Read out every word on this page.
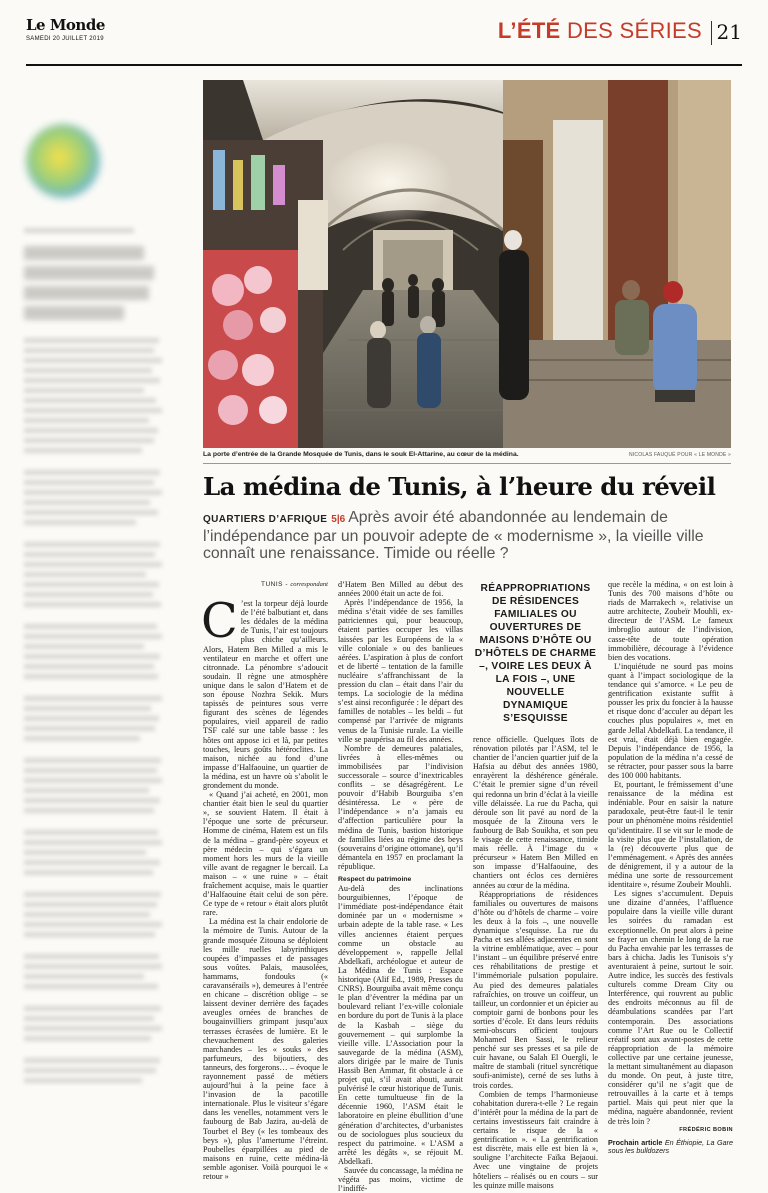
Le Monde
SAMEDI 20 JUILLET 2019	L’ÉTÉ DES SÉRIES 21
La porte d’entrée de la Grande Mosquée de Tunis, dans le souk El-Attarine, au cœur de la médina.	NICOLAS FAUQUÉ POUR « LE MONDE »
La médina de Tunis, à l’heure du réveil
QUARTIERS D’AFRIQUE 5|6 Après avoir été abandonnée au lendemain de l’indépendance par un pouvoir adepte de « modernisme », la vieille ville connaît une renaissance. Timide ou réelle ?
TUNIS - correspondant
C ’est la torpeur déjà lourde de l’été balbutiant et, dans les dédales de la médina de Tunis, l’air est toujours plus chiche qu’ailleurs. Alors, Hatem Ben Milled a mis le ventilateur en marche et offert une citronnade. La pénombre s’adoucit soudain. Il règne une atmosphère unique dans le salon d’Hatem et de son épouse Nozhra Sekik. Murs tapissés de peintures sous verre figurant des scènes de légendes populaires, vieil appareil de radio TSF calé sur une table basse : les hôtes ont appose ici et là, par petites touches, leurs goûts hétéroclites. La maison, nichée au fond d’une impasse d’Halfaouine, un quartier de la médina, est un havre où s’abolit le grondement du monde.

« Quand j’ai acheté, en 2001, mon chantier était bien le seul du quartier », se souvient Hatem. Il était à l’époque une sorte de précurseur. Homme de cinéma, Hatem est un fils de la médina – grand-père soyeux et père médecin – qui s’égara un moment hors les murs de la vieille ville avant de regagner le bercail. La maison – « une ruine » – était fraîchement acquise, mais le quartier d’Halfaouine était celui de son père. Ce type de « retour » était alors plutôt rare.

La médina est la chair endolorie de la mémoire de Tunis. Autour de la grande mosquée Zitouna se déploient les mille ruelles labyrinthiques coupées d’impasses et de passages sous voûtes. Palais, mausolées, hammams, fondouks (« caravansérails »), demeures à l’entrée en chicane – discrétion oblige – se laissent deviner derrière des façades aveugles ornées de branches de bougainvilliers grimpant jusqu’aux terrasses écrasées de lumière. Et le chevauchement des galeries marchandes – les « souks » des parfumeurs, des bijoutiers, des tanneurs, des forgerons… – évoque le rayonnement passé de métiers aujourd’hui à la peine face à l’invasion de la pacotille internationale. Plus le visiteur s’égare dans les venelles, notamment vers le faubourg de Bab Jazira, au-delà de Tourbet el Bey (« les tombeaux des beys »), plus l’amertume l’étreint. Poubelles éparpillées au pied de maisons en ruine, cette médina-là semble agoniser. Voilà pourquoi le « retour »

d’Hatem Ben Milled au début des années 2000 était un acte de foi.

Après l’indépendance de 1956, la médina s’était vidée de ses familles patriciennes qui, pour beaucoup, étaient parties occuper les villas laissées par les Européens de la « ville coloniale » ou des banlieues aérées. L’aspiration à plus de confort et de liberté – tentation de la famille nucléaire s’affranchissant de la pression du clan – était dans l’air du temps. La sociologie de la médina s’est ainsi reconfigurée : le départ des familles de notables – les beldi – fut compensé par l’arrivée de migrants venus de la Tunisie rurale. La vieille ville se paupérisa au fil des années.

Nombre de demeures palatiales, livrées à elles-mêmes ou immobilisées par l’indivision successorale – source d’inextricables conflits – se désagrégèrent. Le pouvoir d’Habib Bourguiba s’en désintéressa. Le « père de l’indépendance » n’a jamais eu d’affection particulière pour la médina de Tunis, bastion historique de familles liées au régime des beys (souverains d’origine ottomane), qu’il démantela en 1957 en proclamant la république.

Respect du patrimoine

Au-delà des inclinations bourguibiennes, l’époque de l’immédiate post-indépendance était dominée par un « modernisme » urbain adepte de la table rase. « Les villes anciennes étaient perçues comme un obstacle au développement », rappelle Jellal Abdelkafi, archéologue et auteur de La Médina de Tunis : Espace historique (Alif Ed., 1989, Presses du CNRS). Bourguiba avait même conçu le plan d’éventrer la médina par un boulevard reliant l’ex-ville coloniale en bordure du port de Tunis à la place de la Kasbah – siège du gouvernement – qui surplombe la vieille ville. L’Association pour la sauvegarde de la médina (ASM), alors dirigée par le maire de Tunis Hassib Ben Ammar, fit obstacle à ce projet qui, s’il avait abouti, aurait pulvérisé le cœur historique de Tunis. En cette tumultueuse fin de la décennie 1960, l’ASM était le laboratoire en pleine ébullition d’une génération d’architectes, d’urbanistes ou de sociologues plus soucieux du respect du patrimoine. « L’ASM a arrêté les dégâts », se réjouit M. Abdelkafi.

Sauvée du concassage, la médina ne végéta pas moins, victime de l’indiffé-

RÉAPPROPRIATIONS DE RÉSIDENCES FAMILIALES OU OUVERTURES DE MAISONS D’HÔTE OU D’HÔTELS DE CHARME –, VOIRE LES DEUX À LA FOIS –, UNE NOUVELLE DYNAMIQUE S’ESQUISSE

rence officielle. Quelques îlots de rénovation pilotés par l’ASM, tel le chantier de l’ancien quartier juif de la Hafsia au début des années 1980, enrayèrent la déshérence générale. C’était le premier signe d’un réveil qui redonna un brin d’éclat à la vieille ville délaissée. La rue du Pacha, qui déroule son lit pavé au nord de la mosquée de la Zitouna vers le faubourg de Bab Souikha, et son peu le visage de cette renaissance, timide mais réelle. À l’image du « précurseur » Hatem Ben Milled en son impasse d’Halfaouine, des chantiers ont éclos ces dernières années au cœur de la médina.

Réappropriations de résidences familiales ou ouvertures de maisons d’hôte ou d’hôtels de charme – voire les deux à la fois –, une nouvelle dynamique s’esquisse. La rue du Pacha et ses allées adjacentes en sont la vitrine emblématique, avec – pour l’instant – un équilibre préservé entre ces réhabilitations de prestige et l’immémoriale pulsation populaire. Au pied des demeures palatiales rafraîchies, on trouve un coiffeur, un tailleur, un cordonnier et un épicier au comptoir garni de bonbons pour les sorties d’école. Et dans leurs réduits semi-obscurs officient toujours Mohamed Ben Sassi, le relieur penché sur ses presses et sa pile de cuir havane, ou Salah El Ouergli, le maître de stambali (rituel syncrétique soufi-animiste), cerné de ses luths à trois cordes.

Combien de temps l’harmonieuse cohabitation durera-t-elle ? Le regain d’intérêt pour la médina de la part de certains investisseurs fait craindre à certains le risque de la « gentrification ». « La gentrification est discrète, mais elle est bien là », souligne l’architecte Faïka Bejaoui. Avec une vingtaine de projets hôteliers – réalisés ou en cours – sur les quinze mille maisons

que recèle la médina, « on est loin à Tunis des 700 maisons d’hôte ou riads de Marrakech », relativise un autre architecte, Zoubeïr Mouhli, ex-directeur de l’ASM. Le fameux imbroglio autour de l’indivision, casse-tête de toute opération immobilière, décourage à l’évidence bien des vocations.

L’inquiétude ne sourd pas moins quant à l’impact sociologique de la tendance qui s’amorce. « Le peu de gentrification existante suffit à pousser les prix du foncier à la hausse et risque donc d’acculer au départ les couches plus populaires », met en garde Jellal Abdelkafi. La tendance, il est vrai, était déjà bien engagée. Depuis l’indépendance de 1956, la population de la médina n’a cessé de se rétracter, pour passer sous la barre des 100 000 habitants.

Et, pourtant, le frémissement d’une renaissance de la médina est indéniable. Pour en saisir la nature paradoxale, peut-être faut-il le tenir pour un phénomène moins résidentiel qu’identitaire. Il se vit sur le mode de la visite plus que de l’installation, de la (re) découverte plus que de l’emménagement. « Après des années de dénigrement, il y a autour de la médina une sorte de ressourcement identitaire », résume Zoubeïr Mouhli.

Les signes s’accumulent. Depuis une dizaine d’années, l’affluence populaire dans la vieille ville durant les soirées du ramadan est exceptionnelle. On peut alors à peine se frayer un chemin le long de la rue du Pacha envahie par les terrasses de bars à chicha. Jadis les Tunisois s’y aventuraient à peine, surtout le soir. Autre indice, les succès des festivals culturels comme Dream City ou Interférence, qui rouvrent au public des endroits méconnus au fil de déambulations scandées par l’art contemporain. Des associations comme l’Art Rue ou le Collectif créatif sont aux avant-postes de cette réappropriation de la mémoire collective par une certaine jeunesse, la mettant simultanément au diapason du monde. On peut, à juste titre, considérer qu’il ne s’agit que de retrouvailles à la carte et à temps partiel. Mais qui peut nier que la médina, naguère abandonnée, revient de très loin ?

FRÉDÉRIC BOBIN
Prochain article En Éthiopie, La Gare sous les bulldozers
